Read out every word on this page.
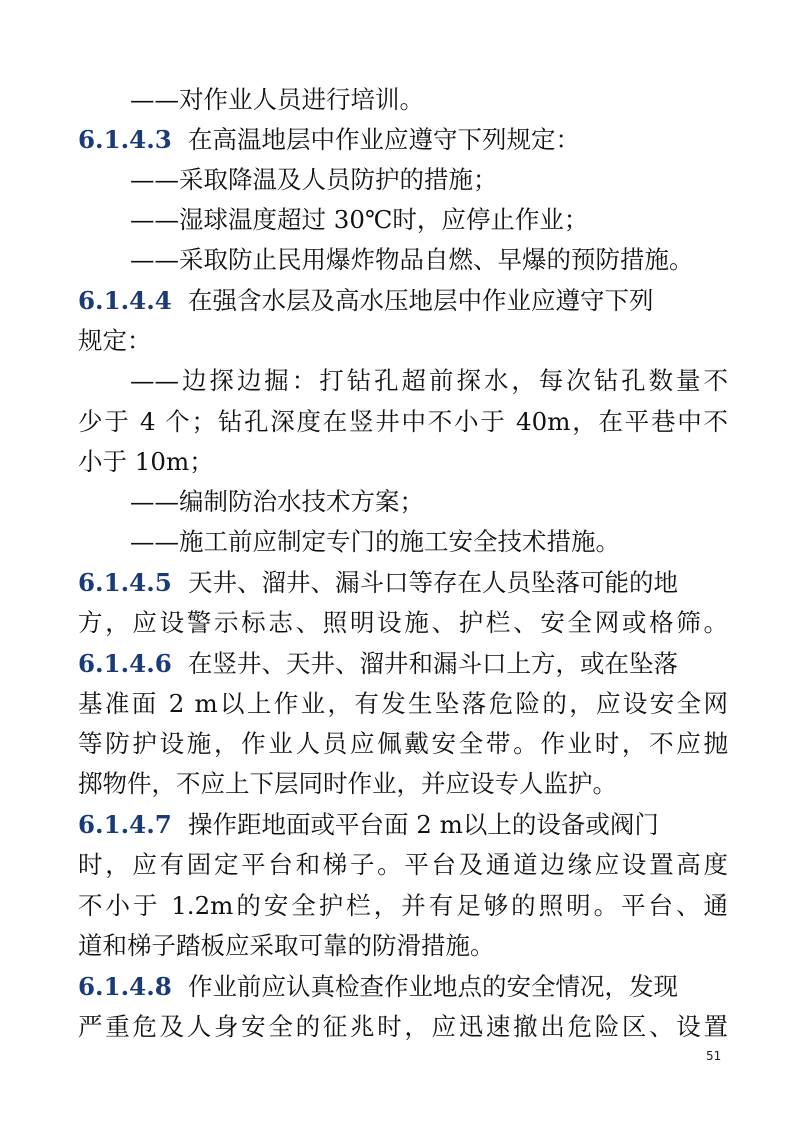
——对作业人员进行培训。
6.1.4.3 在高温地层中作业应遵守下列规定：
——采取降温及人员防护的措施；
——湿球温度超过 30℃时，应停止作业；
——采取防止民用爆炸物品自燃、早爆的预防措施。
6.1.4.4 在强含水层及高水压地层中作业应遵守下列
规定：
——边探边掘：打钻孔超前探水，每次钻孔数量不
少于 4 个；钻孔深度在竖井中不小于 40m，在平巷中不
小于 10m；
——编制防治水技术方案；
——施工前应制定专门的施工安全技术措施。
6.1.4.5 天井、溜井、漏斗口等存在人员坠落可能的地
方，应设警示标志、照明设施、护栏、安全网或格筛。
6.1.4.6 在竖井、天井、溜井和漏斗口上方，或在坠落
基准面 2 m以上作业，有发生坠落危险的，应设安全网
等防护设施，作业人员应佩戴安全带。作业时，不应抛
掷物件，不应上下层同时作业，并应设专人监护。
6.1.4.7 操作距地面或平台面 2 m以上的设备或阀门
时，应有固定平台和梯子。平台及通道边缘应设置高度
不小于 1.2m的安全护栏，并有足够的照明。平台、通
道和梯子踏板应采取可靠的防滑措施。
6.1.4.8 作业前应认真检查作业地点的安全情况，发现
严重危及人身安全的征兆时，应迅速撤出危险区、设置
51
